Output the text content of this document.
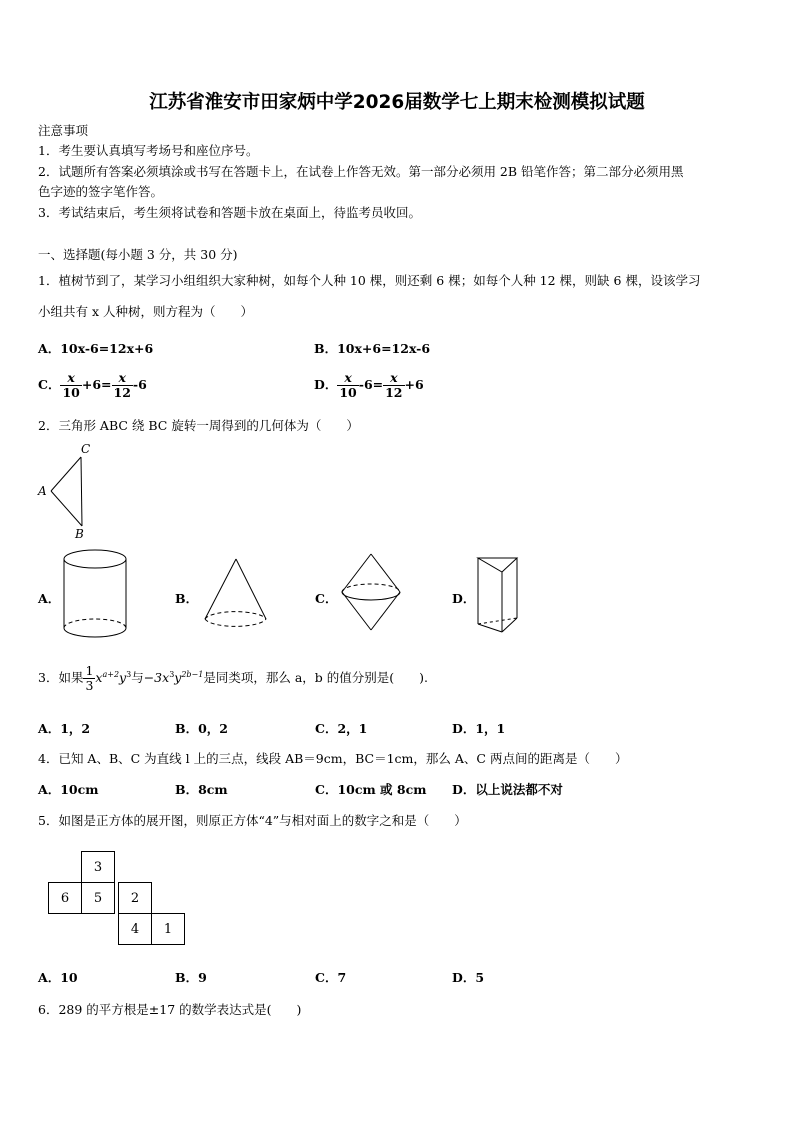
江苏省淮安市田家炳中学2026届数学七上期末检测模拟试题
注意事项
1．考生要认真填写考场号和座位序号。
2．试题所有答案必须填涂或书写在答题卡上，在试卷上作答无效。第一部分必须用 2B 铅笔作答；第二部分必须用黑
色字迹的签字笔作答。
3．考试结束后，考生须将试卷和答题卡放在桌面上，待监考员收回。
一、选择题(每小题 3 分，共 30 分)
1．植树节到了，某学习小组组织大家种树，如每个人种 10 棵，则还剩 6 棵；如每个人种 12 棵，则缺 6 棵，设该学习
小组共有 x 人种树，则方程为（　　）
A．10x-6=12x+6	B．10x+6=12x-6
C． $\frac{x}{10} +6= \frac{x}{12} -6$	D． $\frac{x}{10} -6= \frac{x}{12} +6$
2．三角形 ABC 绕 BC 旋转一周得到的几何体为（　　）
C
A
B
A．	B．	C．	D．
3．如果 $\frac{1}{3} x^{a+2}y^3$与$-3x^3y^{2b-1}$是同类项，那么 a，b 的值分别是(　　).
A．1，2	B．0，2	C．2，1	D．1，1
4．已知 A、B、C 为直线 l 上的三点，线段 AB＝9cm，BC＝1cm，那么 A、C 两点间的距离是（　　）
A．10cm	B．8cm	C．10cm 或 8cm D．以上说法都不对
5．如图是正方体的展开图，则原正方体“4”与相对面上的数字之和是（　　）
3
6	5	2
4	1
A．10	B．9	C．7	D．5
6．289 的平方根是±17 的数学表达式是(　　)
